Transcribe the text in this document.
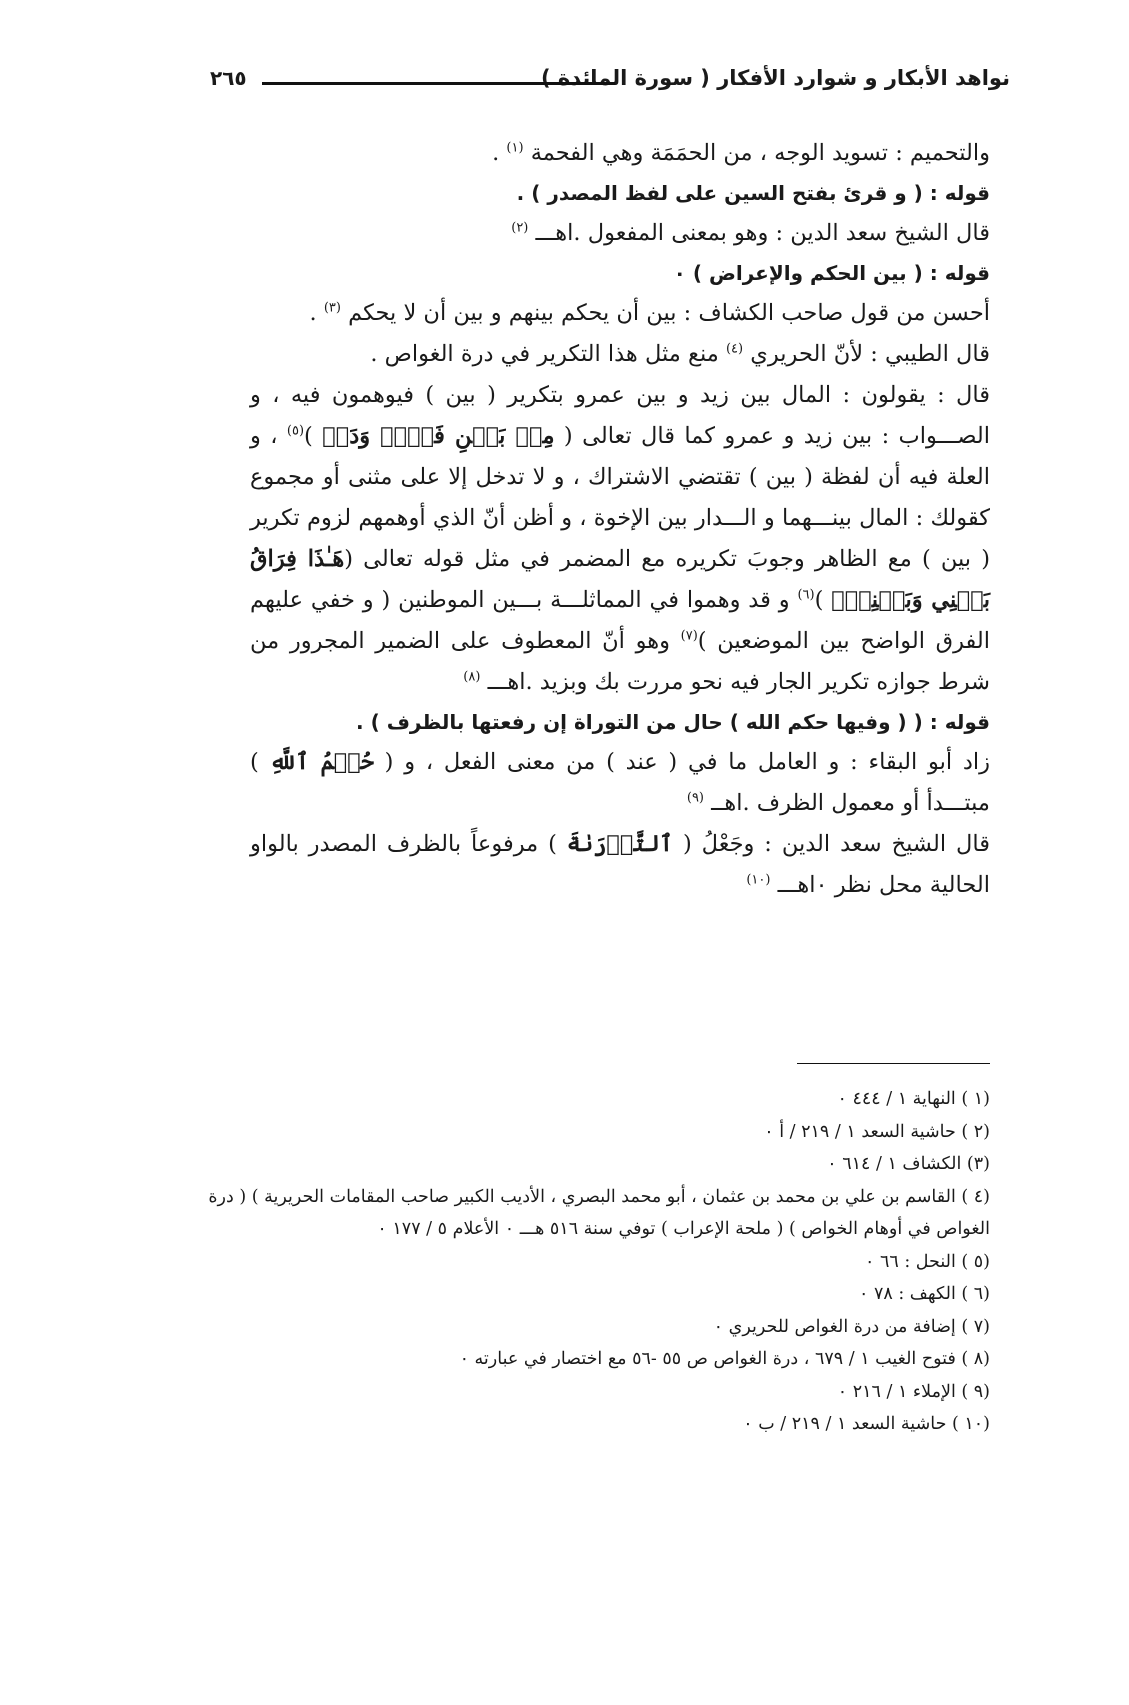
نواهد الأبكار و شوارد الأفكار ( سورة المائدة )
٢٦٥

والتحميم : تسويد الوجه ، من الحمَمَة وهي الفحمة $^{(١)}$ .

قوله : ( و قرئ بفتح السين على لفظ المصدر ) .

قال الشيخ سعد الدين : وهو بمعنى المفعول .اهـــ $^{(٢)}$

قوله : ( بين الحكم والإعراض ) ٠

أحسن من قول صاحب الكشاف : بين أن يحكم بينهم و بين أن لا يحكم $^{(٣)}$ .

قال الطيبي : لأنّ الحريري $^{(٤)}$ منع مثل هذا التكرير في درة الغواص .

قال : يقولون : المال بين زيد و بين عمرو بتكرير ( بين ) فيوهمون فيه ، و الصـــواب : بين زيد و عمرو كما قال تعالى ( مِنۢ بَيۡنِ فَرۡثٖ وَدَمٖ )$^{(٥)}$ ، و العلة فيه أن لفظة ( بين ) تقتضي الاشتراك ، و لا تدخل إلا على مثنى أو مجموع كقولك : المال بينـــهما و الـــدار بين الإخوة ، و أظن أنّ الذي أوهمهم لزوم تكرير ( بين ) مع الظاهر وجوبَ تكريره مع المضمر في مثل قوله تعالى (هَـٰذَا فِرَاقُ بَيۡنِي وَبَيۡنِكَۚ )$^{(٦)}$ و قد وهموا في المماثلـــة بـــين الموطنين ( و خفي عليهم الفرق الواضح بين الموضعين )$^{(٧)}$ وهو أنّ المعطوف على الضمير المجرور من شرط جوازه تكرير الجار فيه نحو مررت بك وبزيد .اهـــ $^{(٨)}$

قوله : ( ( وفيها حكم الله ) حال من التوراة إن رفعتها بالظرف ) .

زاد أبو البقاء : و العامل ما في ( عند ) من معنى الفعل ، و ( حُكۡمُ ٱللَّهِ ) مبتـــدأ أو معمول الظرف .اهــ $^{(٩)}$

قال الشيخ سعد الدين : وجَعْلُ ( ٱلتَّوۡرَىٰةَ ) مرفوعاً بالظرف المصدر بالواو الحالية محل نظر ٠اهـــ $^{(١٠)}$

(١ ) النهاية ١ / ٤٤٤ ٠

(٢ ) حاشية السعد ١ / ٢١٩ / أ ٠

(٣) الكشاف ١ / ٦١٤ ٠

(٤ ) القاسم بن علي بن محمد بن عثمان ، أبو محمد البصري ، الأديب الكبير صاحب المقامات الحريرية ) ( درة الغواص في أوهام الخواص ) ( ملحة الإعراب ) توفي سنة ٥١٦ هـــ ٠ الأعلام ٥ / ١٧٧ ٠

(٥ ) النحل : ٦٦ ٠

(٦ ) الكهف : ٧٨ ٠

(٧ ) إضافة من درة الغواص للحريري ٠

(٨ ) فتوح الغيب ١ / ٦٧٩ ، درة الغواص ص ٥٥ -٥٦ مع اختصار في عبارته ٠

(٩ ) الإملاء ١ / ٢١٦ ٠

(١٠ ) حاشية السعد ١ / ٢١٩ / ب ٠
